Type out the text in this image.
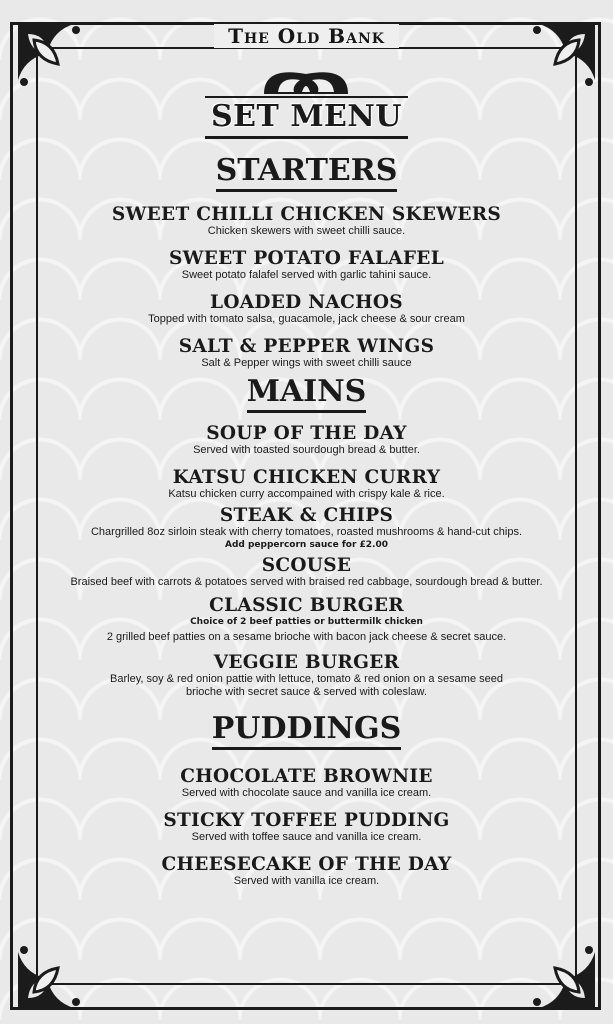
The Old Bank
SET MENU
STARTERS
SWEET CHILLI CHICKEN SKEWERS
Chicken skewers with sweet chilli sauce.
SWEET POTATO FALAFEL
Sweet potato falafel served with garlic tahini sauce.
LOADED NACHOS
Topped with tomato salsa, guacamole, jack cheese & sour cream
SALT & PEPPER WINGS
Salt & Pepper wings with sweet chilli sauce
MAINS
SOUP OF THE DAY
Served with toasted sourdough bread & butter.
KATSU CHICKEN CURRY
Katsu chicken curry accompained with crispy kale & rice.
STEAK & CHIPS
Chargrilled 8oz sirloin steak with cherry tomatoes, roasted mushrooms & hand-cut chips.
Add peppercorn sauce for £2.00
SCOUSE
Braised beef with carrots & potatoes served with braised red cabbage, sourdough bread & butter.
CLASSIC BURGER
Choice of 2 beef patties or buttermilk chicken
2 grilled beef patties on a sesame brioche with bacon jack cheese & secret sauce.
VEGGIE BURGER
Barley, soy & red onion pattie with lettuce, tomato & red onion on a sesame seed
brioche with secret sauce & served with coleslaw.
PUDDINGS
CHOCOLATE BROWNIE
Served with chocolate sauce and vanilla ice cream.
STICKY TOFFEE PUDDING
Served with toffee sauce and vanilla ice cream.
CHEESECAKE OF THE DAY
Served with vanilla ice cream.
